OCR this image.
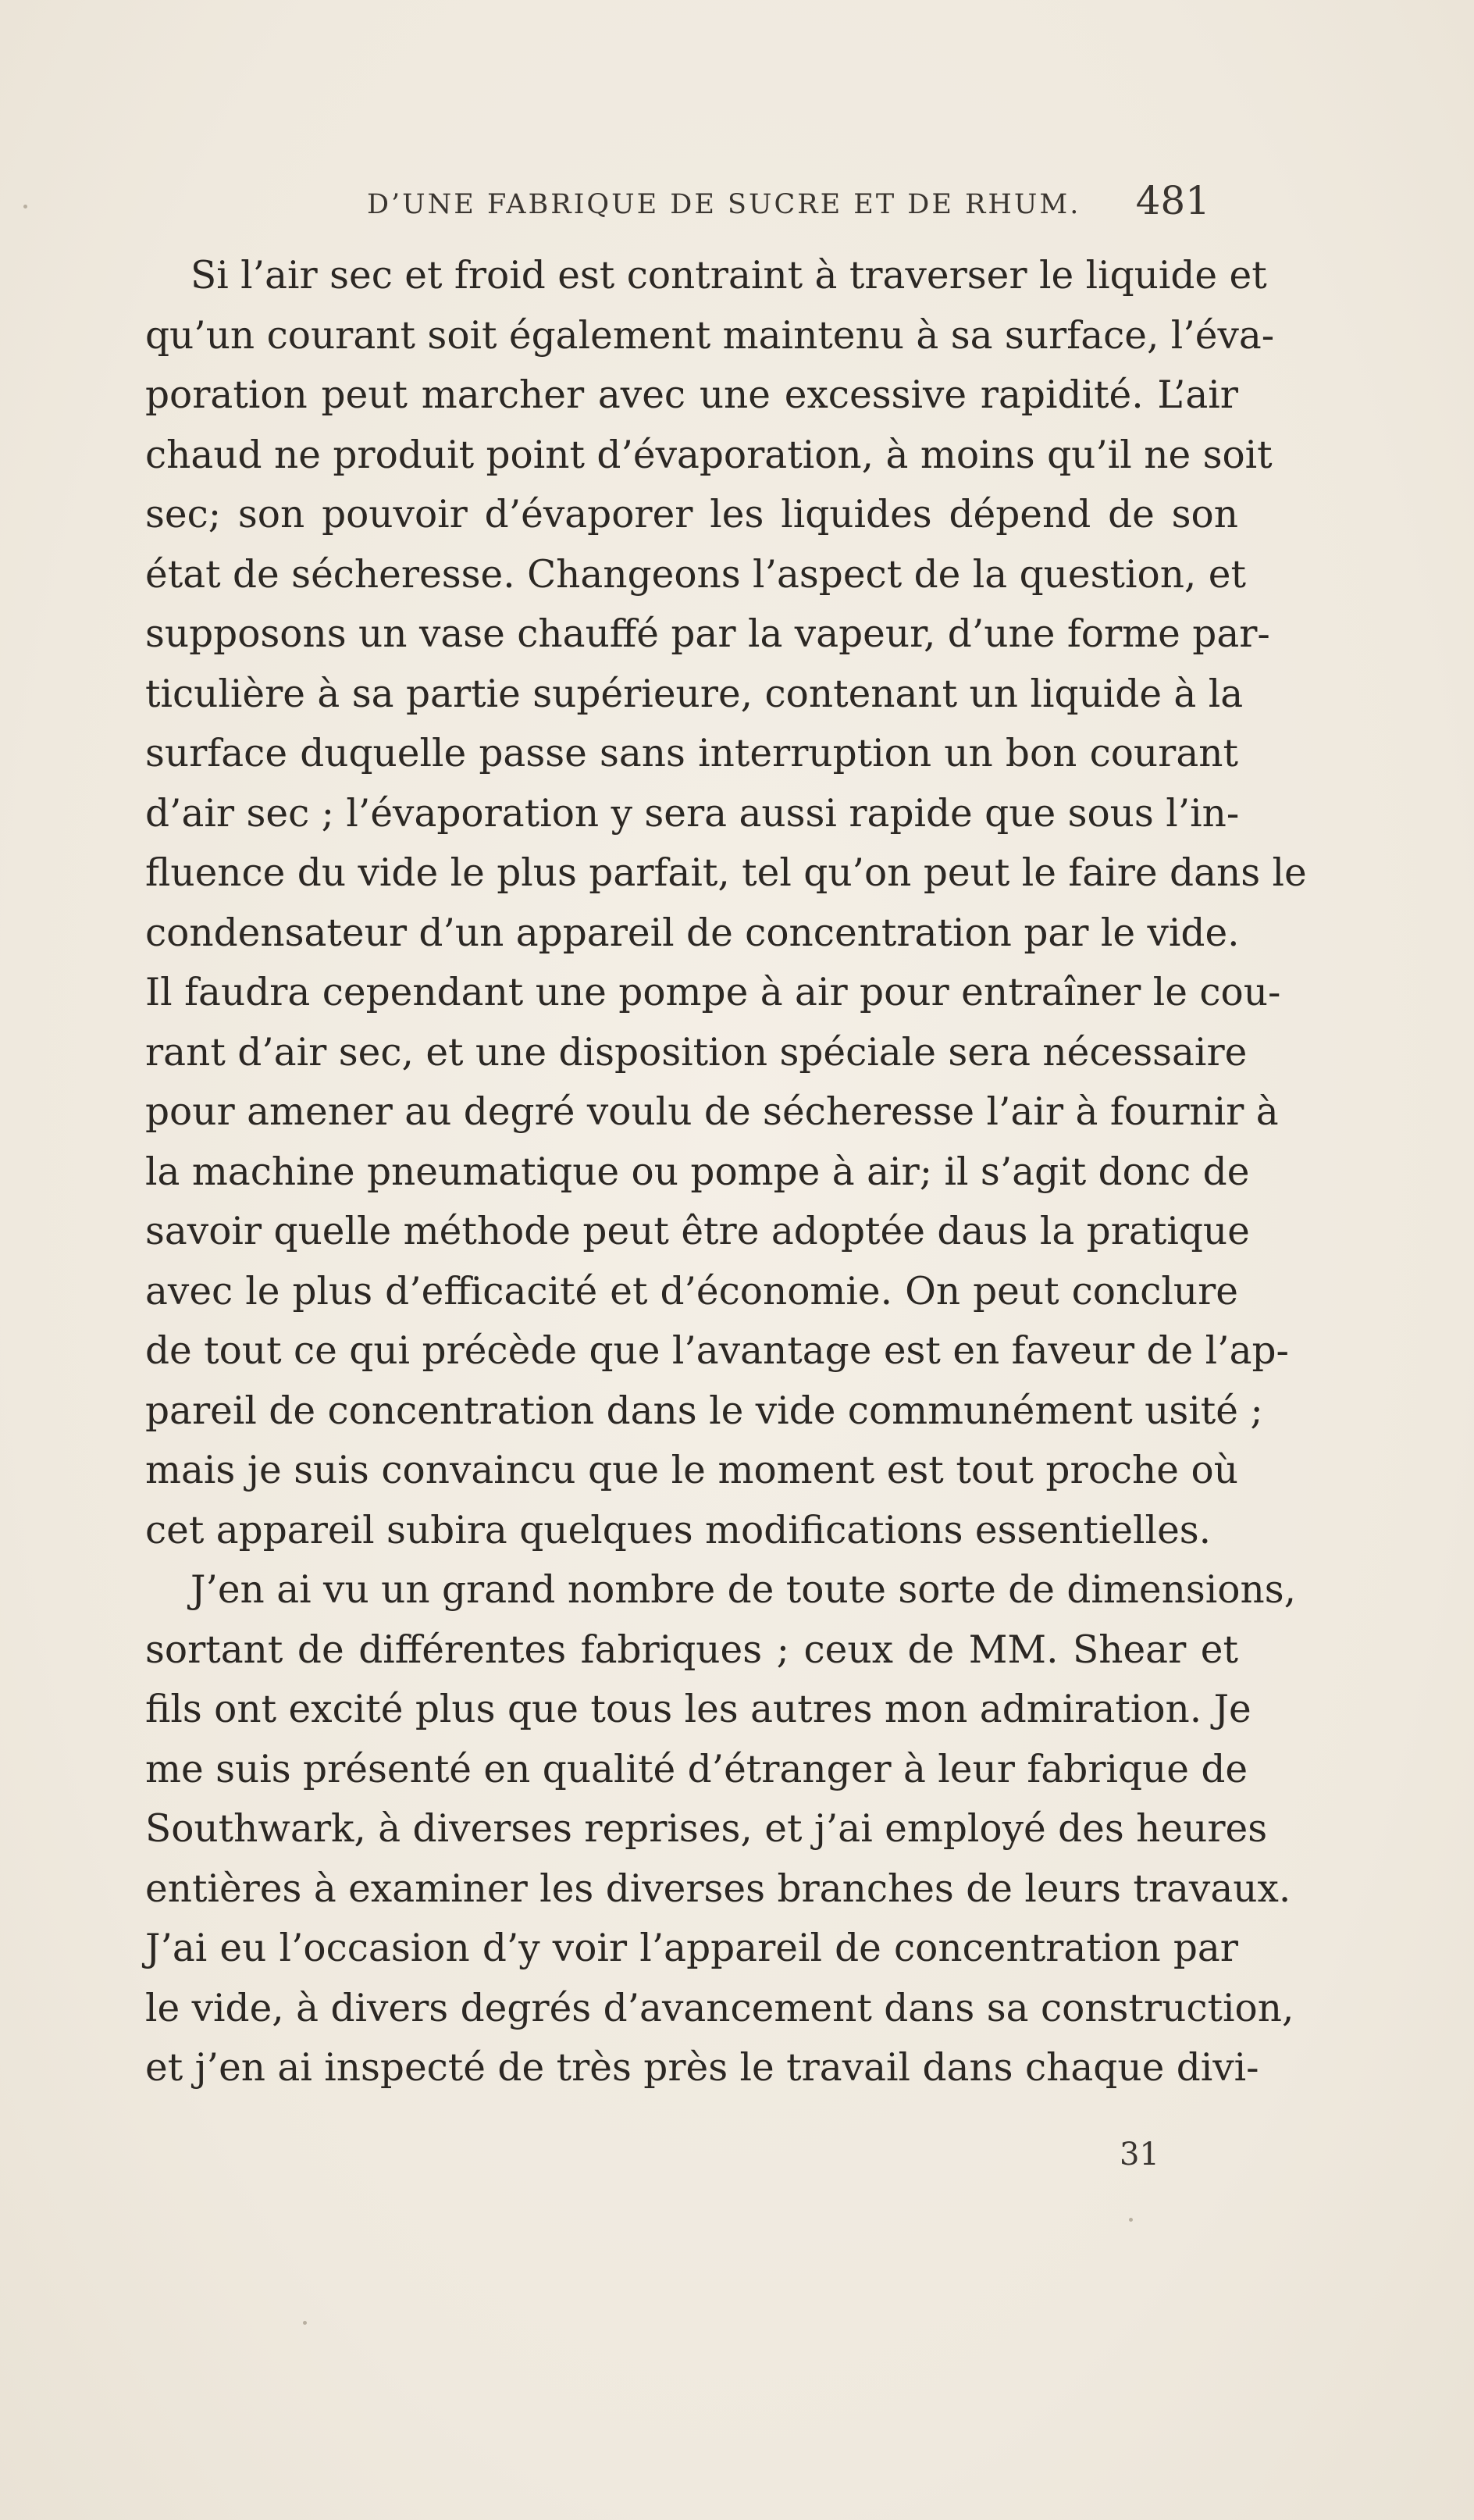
D’UNE FABRIQUE DE SUCRE ET DE RHUM. 481
Si l’air sec et froid est contraint à traverser le liquide et
qu’un courant soit également maintenu à sa surface, l’éva-
poration peut marcher avec une excessive rapidité. L’air
chaud ne produit point d’évaporation, à moins qu’il ne soit
sec; son pouvoir d’évaporer les liquides dépend de son
état de sécheresse. Changeons l’aspect de la question, et
supposons un vase chauffé par la vapeur, d’une forme par-
ticulière à sa partie supérieure, contenant un liquide à la
surface duquelle passe sans interruption un bon courant
d’air sec ; l’évaporation y sera aussi rapide que sous l’in-
fluence du vide le plus parfait, tel qu’on peut le faire dans le
condensateur d’un appareil de concentration par le vide.
Il faudra cependant une pompe à air pour entraîner le cou-
rant d’air sec, et une disposition spéciale sera nécessaire
pour amener au degré voulu de sécheresse l’air à fournir à
la machine pneumatique ou pompe à air; il s’agit donc de
savoir quelle méthode peut être adoptée daus la pratique
avec le plus d’efficacité et d’économie. On peut conclure
de tout ce qui précède que l’avantage est en faveur de l’ap-
pareil de concentration dans le vide communément usité ;
mais je suis convaincu que le moment est tout proche où
cet appareil subira quelques modifications essentielles.
J’en ai vu un grand nombre de toute sorte de dimensions,
sortant de différentes fabriques ; ceux de MM. Shear et
fils ont excité plus que tous les autres mon admiration. Je
me suis présenté en qualité d’étranger à leur fabrique de
Southwark, à diverses reprises, et j’ai employé des heures
entières à examiner les diverses branches de leurs travaux.
J’ai eu l’occasion d’y voir l’appareil de concentration par
le vide, à divers degrés d’avancement dans sa construction,
et j’en ai inspecté de très près le travail dans chaque divi-
31
